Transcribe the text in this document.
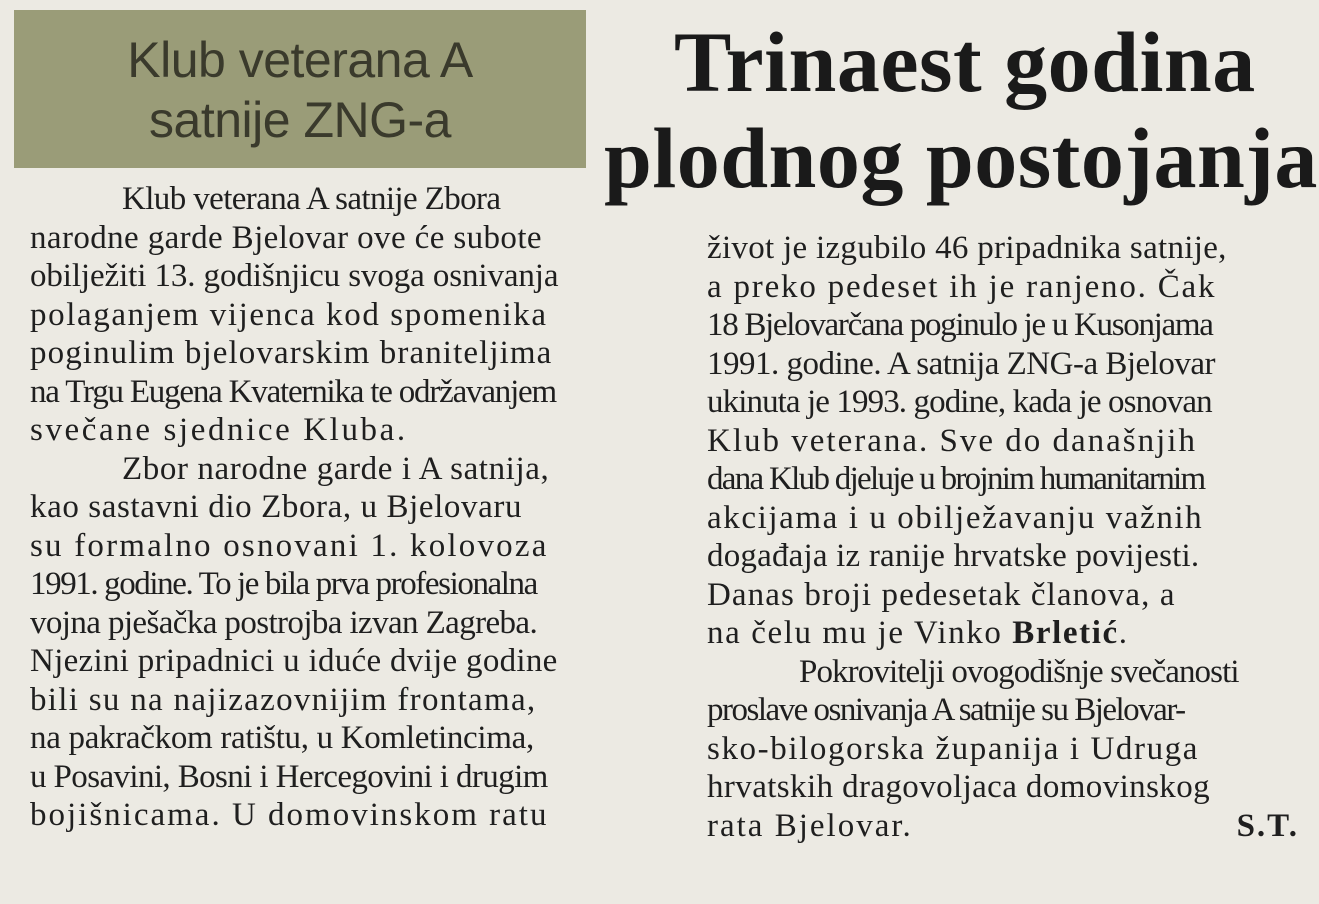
Klub veterana A
satnije ZNG-a
Trinaest godina
plodnog postojanja
Klub veterana A satnije Zbora
narodne garde Bjelovar ove će subote
obilježiti 13. godišnjicu svoga osnivanja
polaganjem vijenca kod spomenika
poginulim bjelovarskim braniteljima
na Trgu Eugena Kvaternika te održavanjem
svečane sjednice Kluba.
Zbor narodne garde i A satnija,
kao sastavni dio Zbora, u Bjelovaru
su formalno osnovani 1. kolovoza
1991. godine. To je bila prva profesionalna
vojna pješačka postrojba izvan Zagreba.
Njezini pripadnici u iduće dvije godine
bili su na najizazovnijim frontama,
na pakračkom ratištu, u Komletincima,
u Posavini, Bosni i Hercegovini i drugim
bojišnicama. U domovinskom ratu
život je izgubilo 46 pripadnika satnije,
a preko pedeset ih je ranjeno. Čak
18 Bjelovarčana poginulo je u Kusonjama
1991. godine. A satnija ZNG-a Bjelovar
ukinuta je 1993. godine, kada je osnovan
Klub veterana. Sve do današnjih
dana Klub djeluje u brojnim humanitarnim
akcijama i u obilježavanju važnih
događaja iz ranije hrvatske povijesti.
Danas broji pedesetak članova, a
na čelu mu je Vinko Brletić.
Pokrovitelji ovogodišnje svečanosti
proslave osnivanja A satnije su Bjelovar-
sko-bilogorska županija i Udruga
hrvatskih dragovoljaca domovinskog
rata Bjelovar.	S.T.
